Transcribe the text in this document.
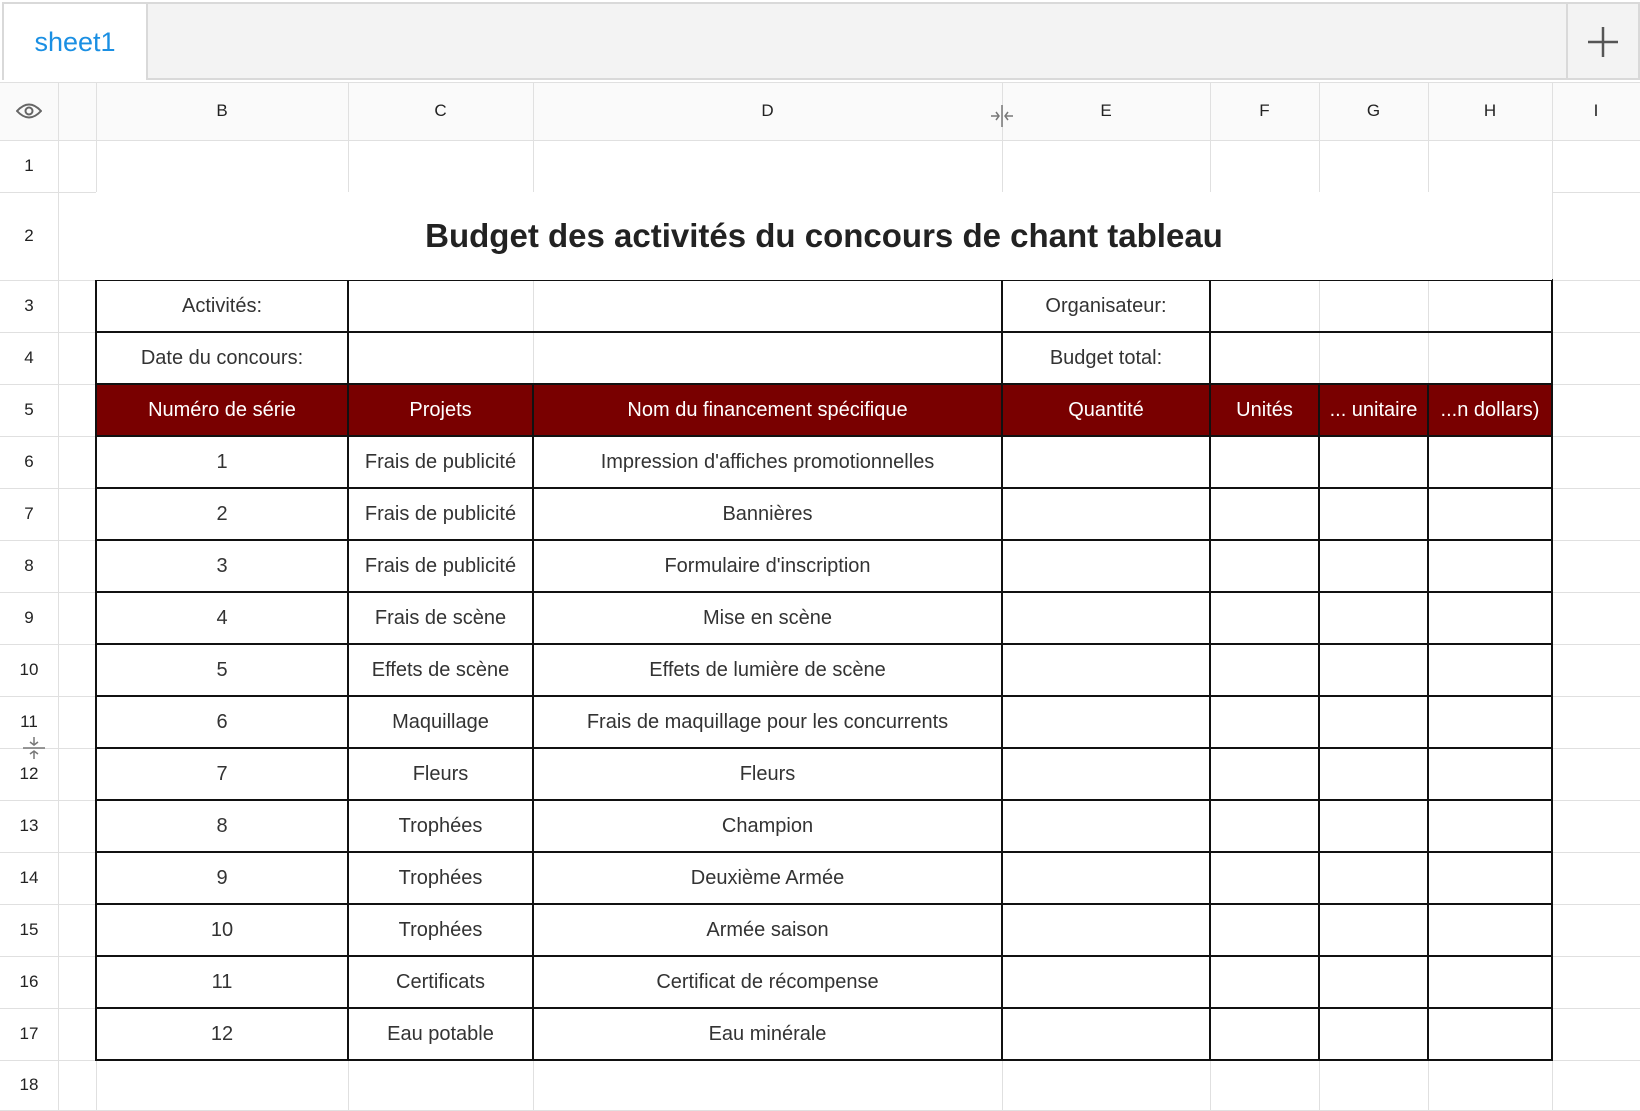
sheet1
B	C	D	E	F	G	H	I
1
2
3
4
5
6
7
8
9
10
11
12
13
14
15
16
17
18
Numéro de série	Projets	Nom du financement spécifique	Quantité	Unités	... unitaire	...n dollars)
1	Frais de publicité	Impression d'affiches promotionnelles
2	Frais de publicité	Bannières
3	Frais de publicité	Formulaire d'inscription
4	Frais de scène	Mise en scène
5	Effets de scène	Effets de lumière de scène
6	Maquillage	Frais de maquillage pour les concurrents
7	Fleurs	Fleurs
8	Trophées	Champion
9	Trophées	Deuxième Armée
10	Trophées	Armée saison
11	Certificats	Certificat de récompense
12	Eau potable	Eau minérale
Budget des activités du concours de chant tableau
Activités:	Organisateur:
Date du concours:	Budget total:
